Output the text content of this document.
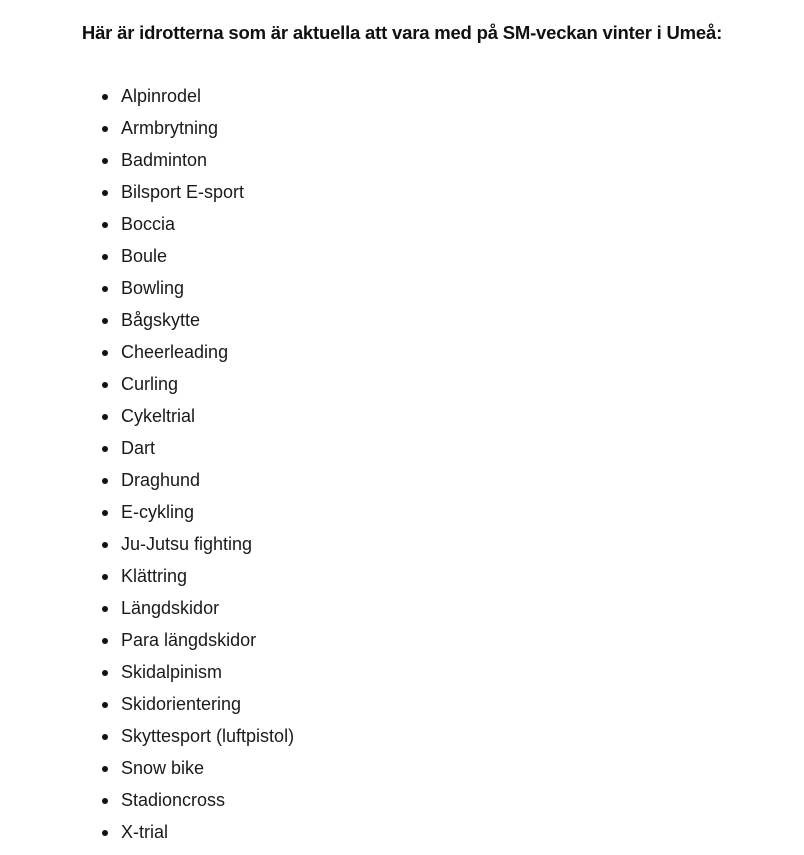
Här är idrotterna som är aktuella att vara med på SM-veckan vinter i Umeå:
Alpinrodel
Armbrytning
Badminton
Bilsport E-sport
Boccia
Boule
Bowling
Bågskytte
Cheerleading
Curling
Cykeltrial
Dart
Draghund
E-cykling
Ju-Jutsu fighting
Klättring
Längdskidor
Para längdskidor
Skidalpinism
Skidorientering
Skyttesport (luftpistol)
Snow bike
Stadioncross
X-trial
